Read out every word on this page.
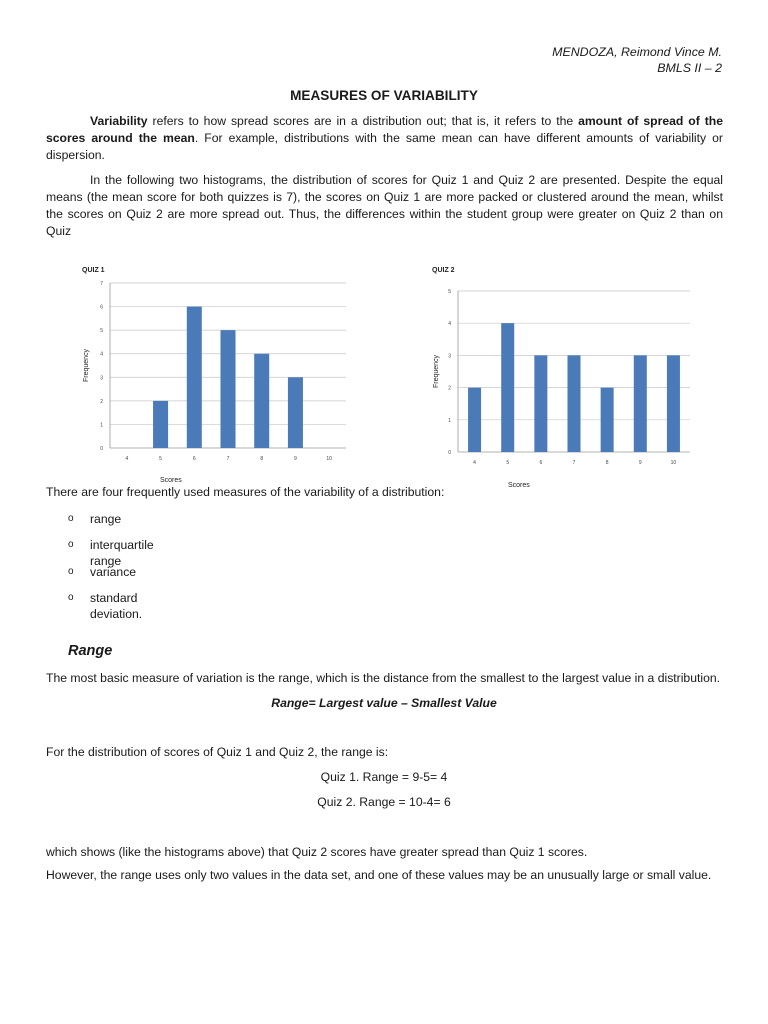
MENDOZA, Reimond Vince M.
BMLS II – 2
MEASURES OF VARIABILITY
Variability refers to how spread scores are in a distribution out; that is, it refers to the amount of spread of the scores around the mean. For example, distributions with the same mean can have different amounts of variability or dispersion.
In the following two histograms, the distribution of scores for Quiz 1 and Quiz 2 are presented. Despite the equal means (the mean score for both quizzes is 7), the scores on Quiz 1 are more packed or clustered around the mean, whilst the scores on Quiz 2 are more spread out. Thus, the differences within the student group were greater on Quiz 2 than on Quiz
QUIZ 1
0
1
2
3
4
5
6
7
4	5	6	7	8	9	10
Scores
Frequency
QUIZ 2
0
1
2
3
4
5
4	5	6	7	8	9	10
Scores
Frequency
There are four frequently used measures of the variability of a distribution:
o range
o interquartile range
o variance
o standard deviation.
Range
The most basic measure of variation is the range, which is the distance from the smallest to the largest value in a distribution.
Range= Largest value – Smallest Value
For the distribution of scores of Quiz 1 and Quiz 2, the range is:
Quiz 1. Range = 9-5= 4
Quiz 2. Range = 10-4= 6
which shows (like the histograms above) that Quiz 2 scores have greater spread than Quiz 1 scores.
However, the range uses only two values in the data set, and one of these values may be an unusually large or small value.
